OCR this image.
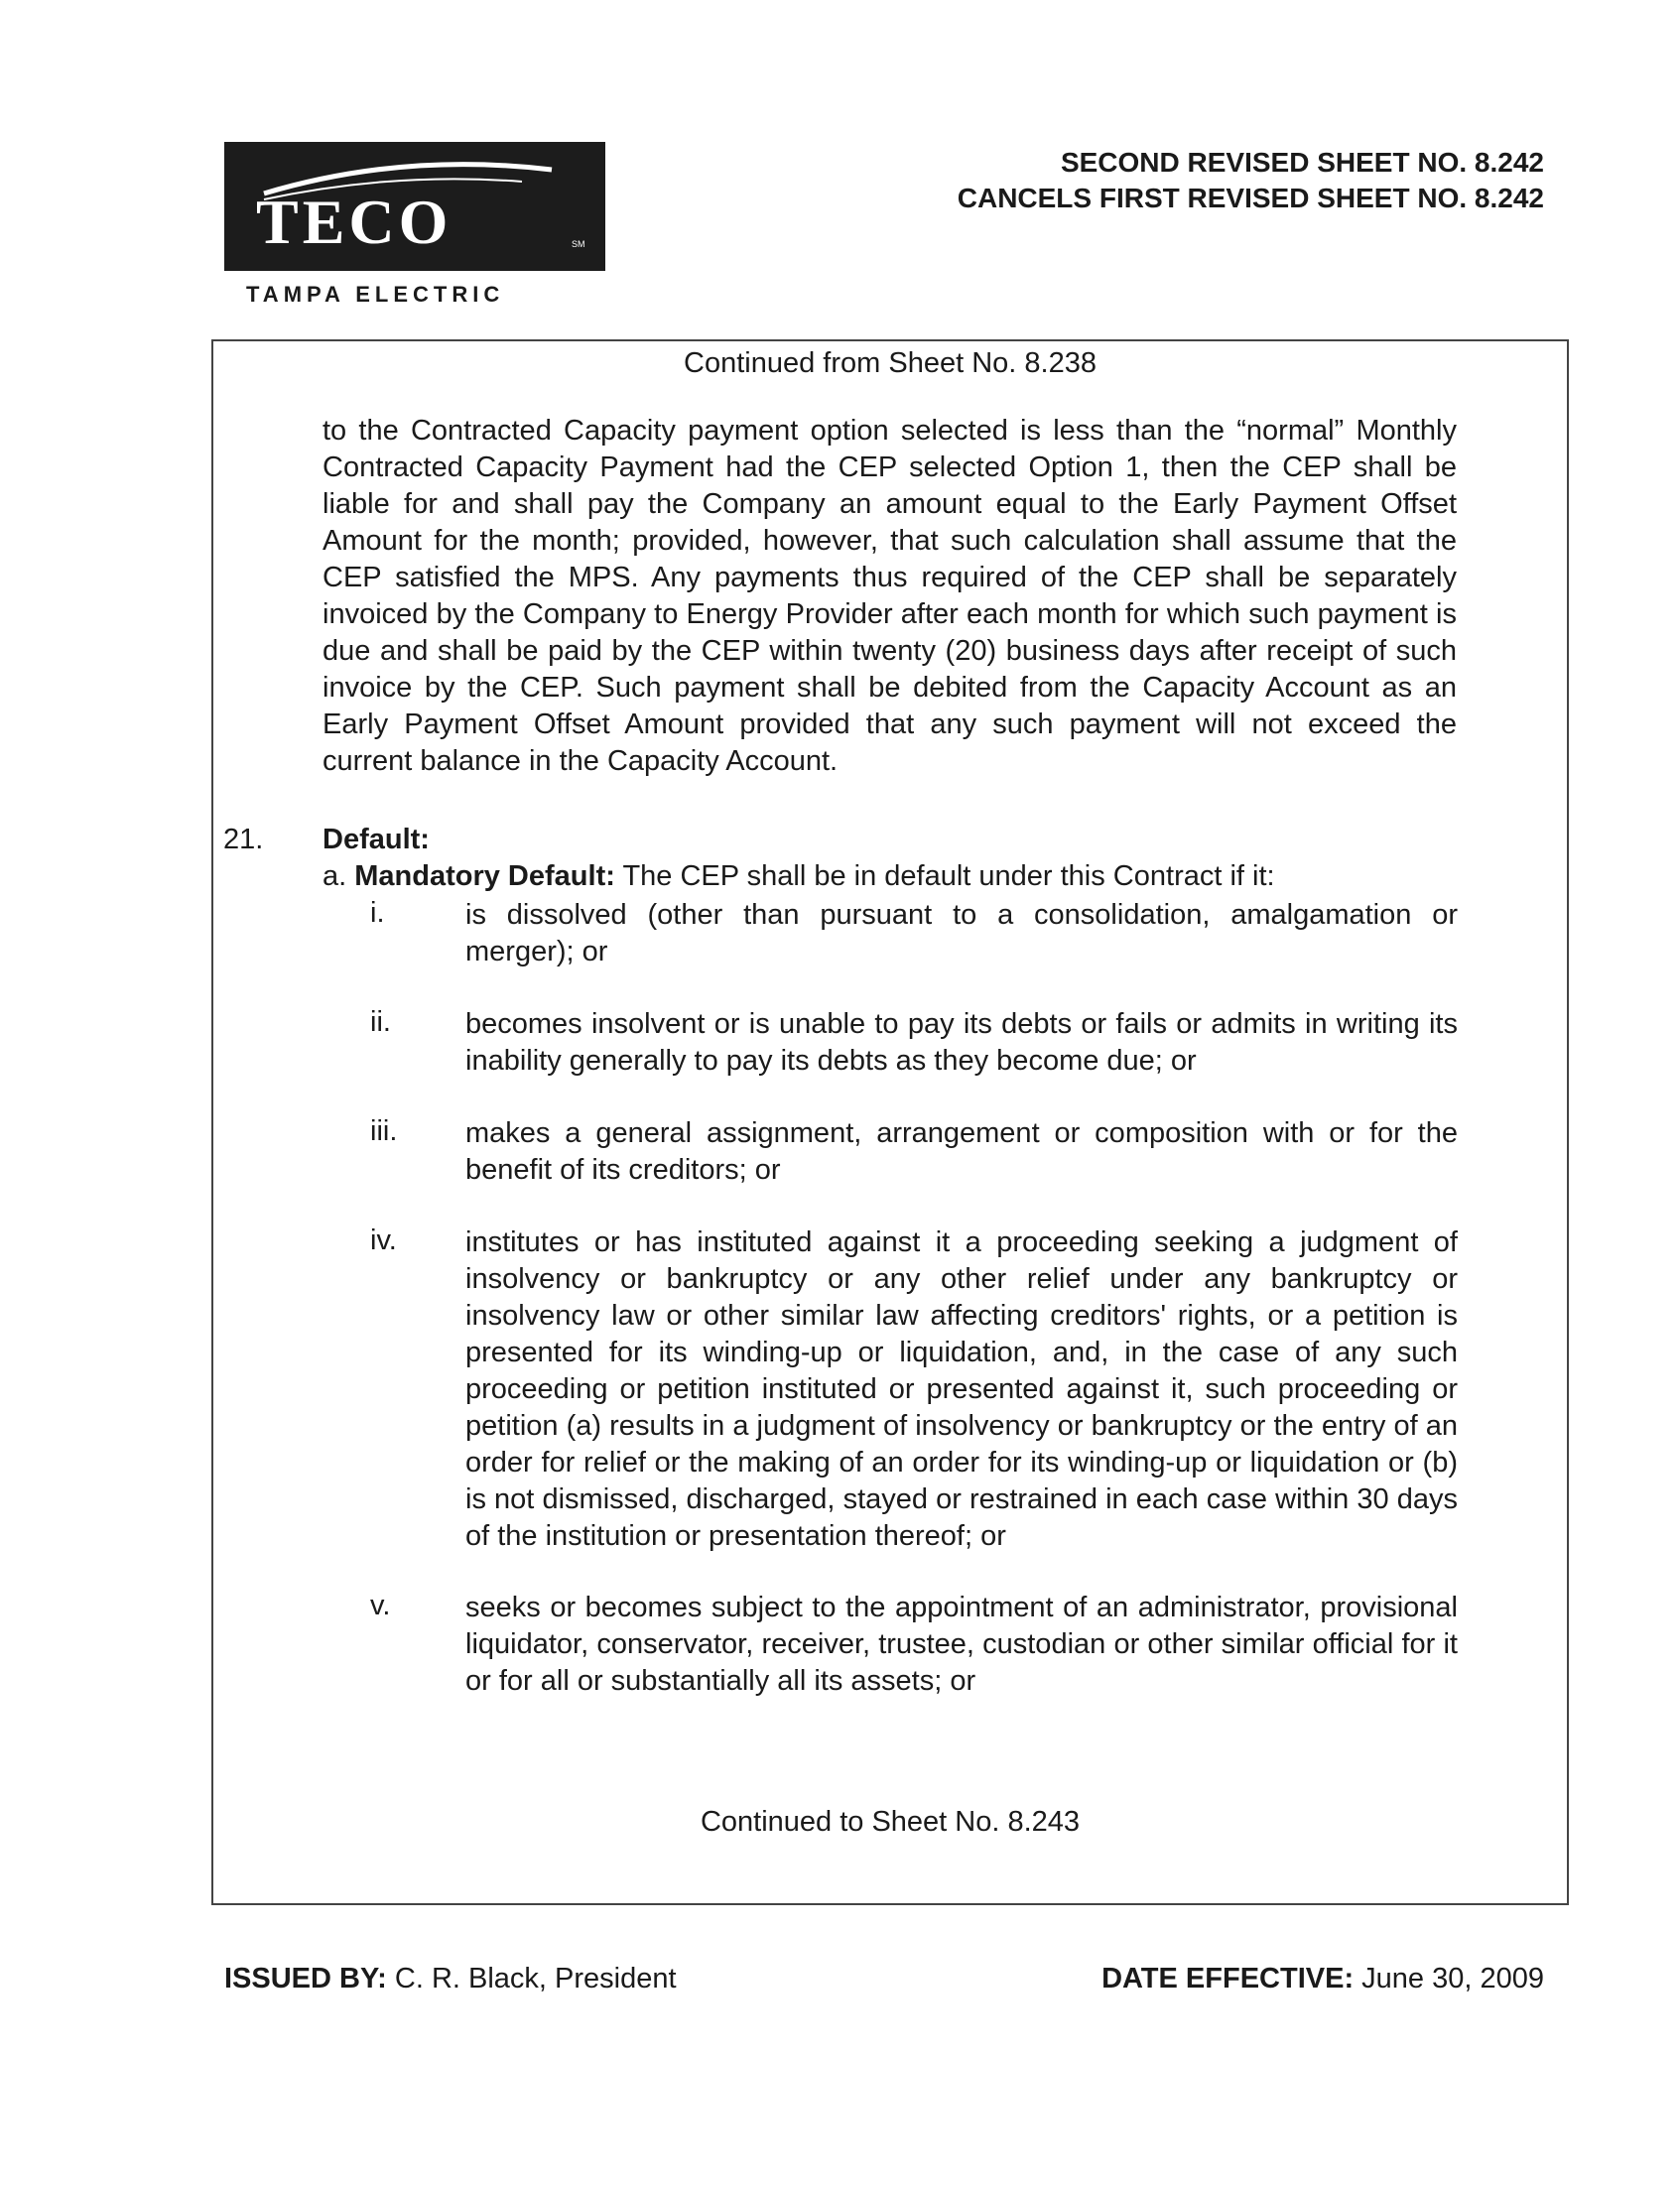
TECO	SM
TAMPA ELECTRIC
SECOND REVISED SHEET NO. 8.242
CANCELS FIRST REVISED SHEET NO. 8.242
Continued from Sheet No. 8.238
to the Contracted Capacity payment option selected is less than the “normal” Monthly Contracted Capacity Payment had the CEP selected Option 1, then the CEP shall be liable for and shall pay the Company an amount equal to the Early Payment Offset Amount for the month; provided, however, that such calculation shall assume that the CEP satisfied the MPS. Any payments thus required of the CEP shall be separately invoiced by the Company to Energy Provider after each month for which such payment is due and shall be paid by the CEP within twenty (20) business days after receipt of such invoice by the CEP. Such payment shall be debited from the Capacity Account as an Early Payment Offset Amount provided that any such payment will not exceed the current balance in the Capacity Account.
21. Default:
a. Mandatory Default: The CEP shall be in default under this Contract if it:
i.	is dissolved (other than pursuant to a consolidation, amalgamation or merger); or
ii.	becomes insolvent or is unable to pay its debts or fails or admits in writing its inability generally to pay its debts as they become due; or
iii. makes a general assignment, arrangement or composition with or for the benefit of its creditors; or
iv. institutes or has instituted against it a proceeding seeking a judgment of insolvency or bankruptcy or any other relief under any bankruptcy or insolvency law or other similar law affecting creditors' rights, or a petition is presented for its winding-up or liquidation, and, in the case of any such proceeding or petition instituted or presented against it, such proceeding or petition (a) results in a judgment of insolvency or bankruptcy or the entry of an order for relief or the making of an order for its winding-up or liquidation or (b) is not dismissed, discharged, stayed or restrained in each case within 30 days of the institution or presentation thereof; or
v.	seeks or becomes subject to the appointment of an administrator, provisional liquidator, conservator, receiver, trustee, custodian or other similar official for it or for all or substantially all its assets; or
Continued to Sheet No. 8.243
ISSUED BY: C. R. Black, President	DATE EFFECTIVE: June 30, 2009
